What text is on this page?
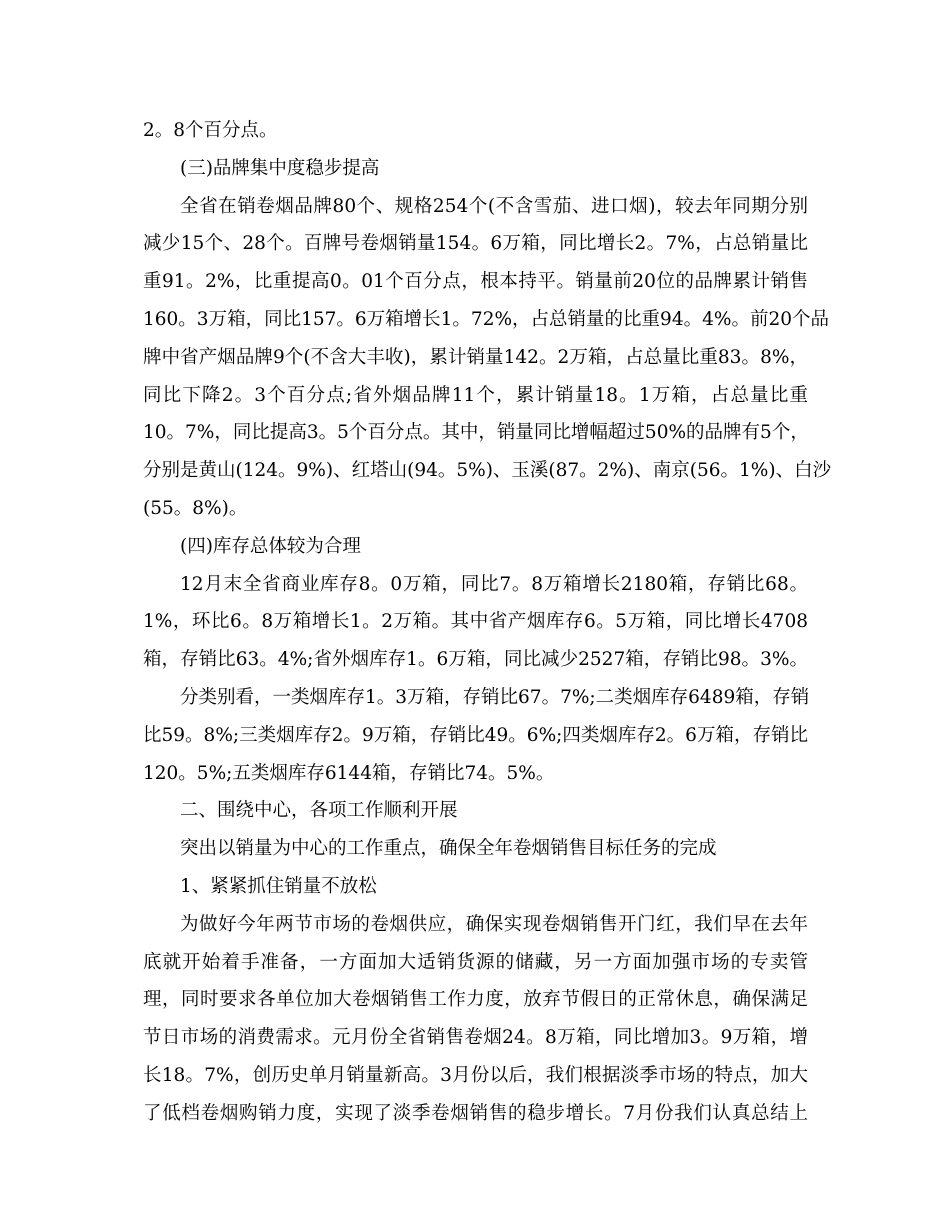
2。8个百分点。
(三)品牌集中度稳步提高
全省在销卷烟品牌80个、规格254个(不含雪茄、进口烟)，较去年同期分别
减少15个、28个。百牌号卷烟销量154。6万箱，同比增长2。7%，占总销量比
重91。2%，比重提高0。01个百分点，根本持平。销量前20位的品牌累计销售
160。3万箱，同比157。6万箱增长1。72%，占总销量的比重94。4%。前20个品
牌中省产烟品牌9个(不含大丰收)，累计销量142。2万箱，占总量比重83。8%，
同比下降2。3个百分点;省外烟品牌11个，累计销量18。1万箱，占总量比重
10。7%，同比提高3。5个百分点。其中，销量同比增幅超过50%的品牌有5个，
分别是黄山(124。9%)、红塔山(94。5%)、玉溪(87。2%)、南京(56。1%)、白沙
(55。8%)。
(四)库存总体较为合理
12月末全省商业库存8。0万箱，同比7。8万箱增长2180箱，存销比68。
1%，环比6。8万箱增长1。2万箱。其中省产烟库存6。5万箱，同比增长4708
箱，存销比63。4%;省外烟库存1。6万箱，同比减少2527箱，存销比98。3%。
分类别看，一类烟库存1。3万箱，存销比67。7%;二类烟库存6489箱，存销
比59。8%;三类烟库存2。9万箱，存销比49。6%;四类烟库存2。6万箱，存销比
120。5%;五类烟库存6144箱，存销比74。5%。
二、围绕中心，各项工作顺利开展
突出以销量为中心的工作重点，确保全年卷烟销售目标任务的完成
1、紧紧抓住销量不放松
为做好今年两节市场的卷烟供应，确保实现卷烟销售开门红，我们早在去年
底就开始着手准备，一方面加大适销货源的储藏，另一方面加强市场的专卖管
理，同时要求各单位加大卷烟销售工作力度，放弃节假日的正常休息，确保满足
节日市场的消费需求。元月份全省销售卷烟24。8万箱，同比增加3。9万箱，增
长18。7%，创历史单月销量新高。3月份以后，我们根据淡季市场的特点，加大
了低档卷烟购销力度，实现了淡季卷烟销售的稳步增长。7月份我们认真总结上
